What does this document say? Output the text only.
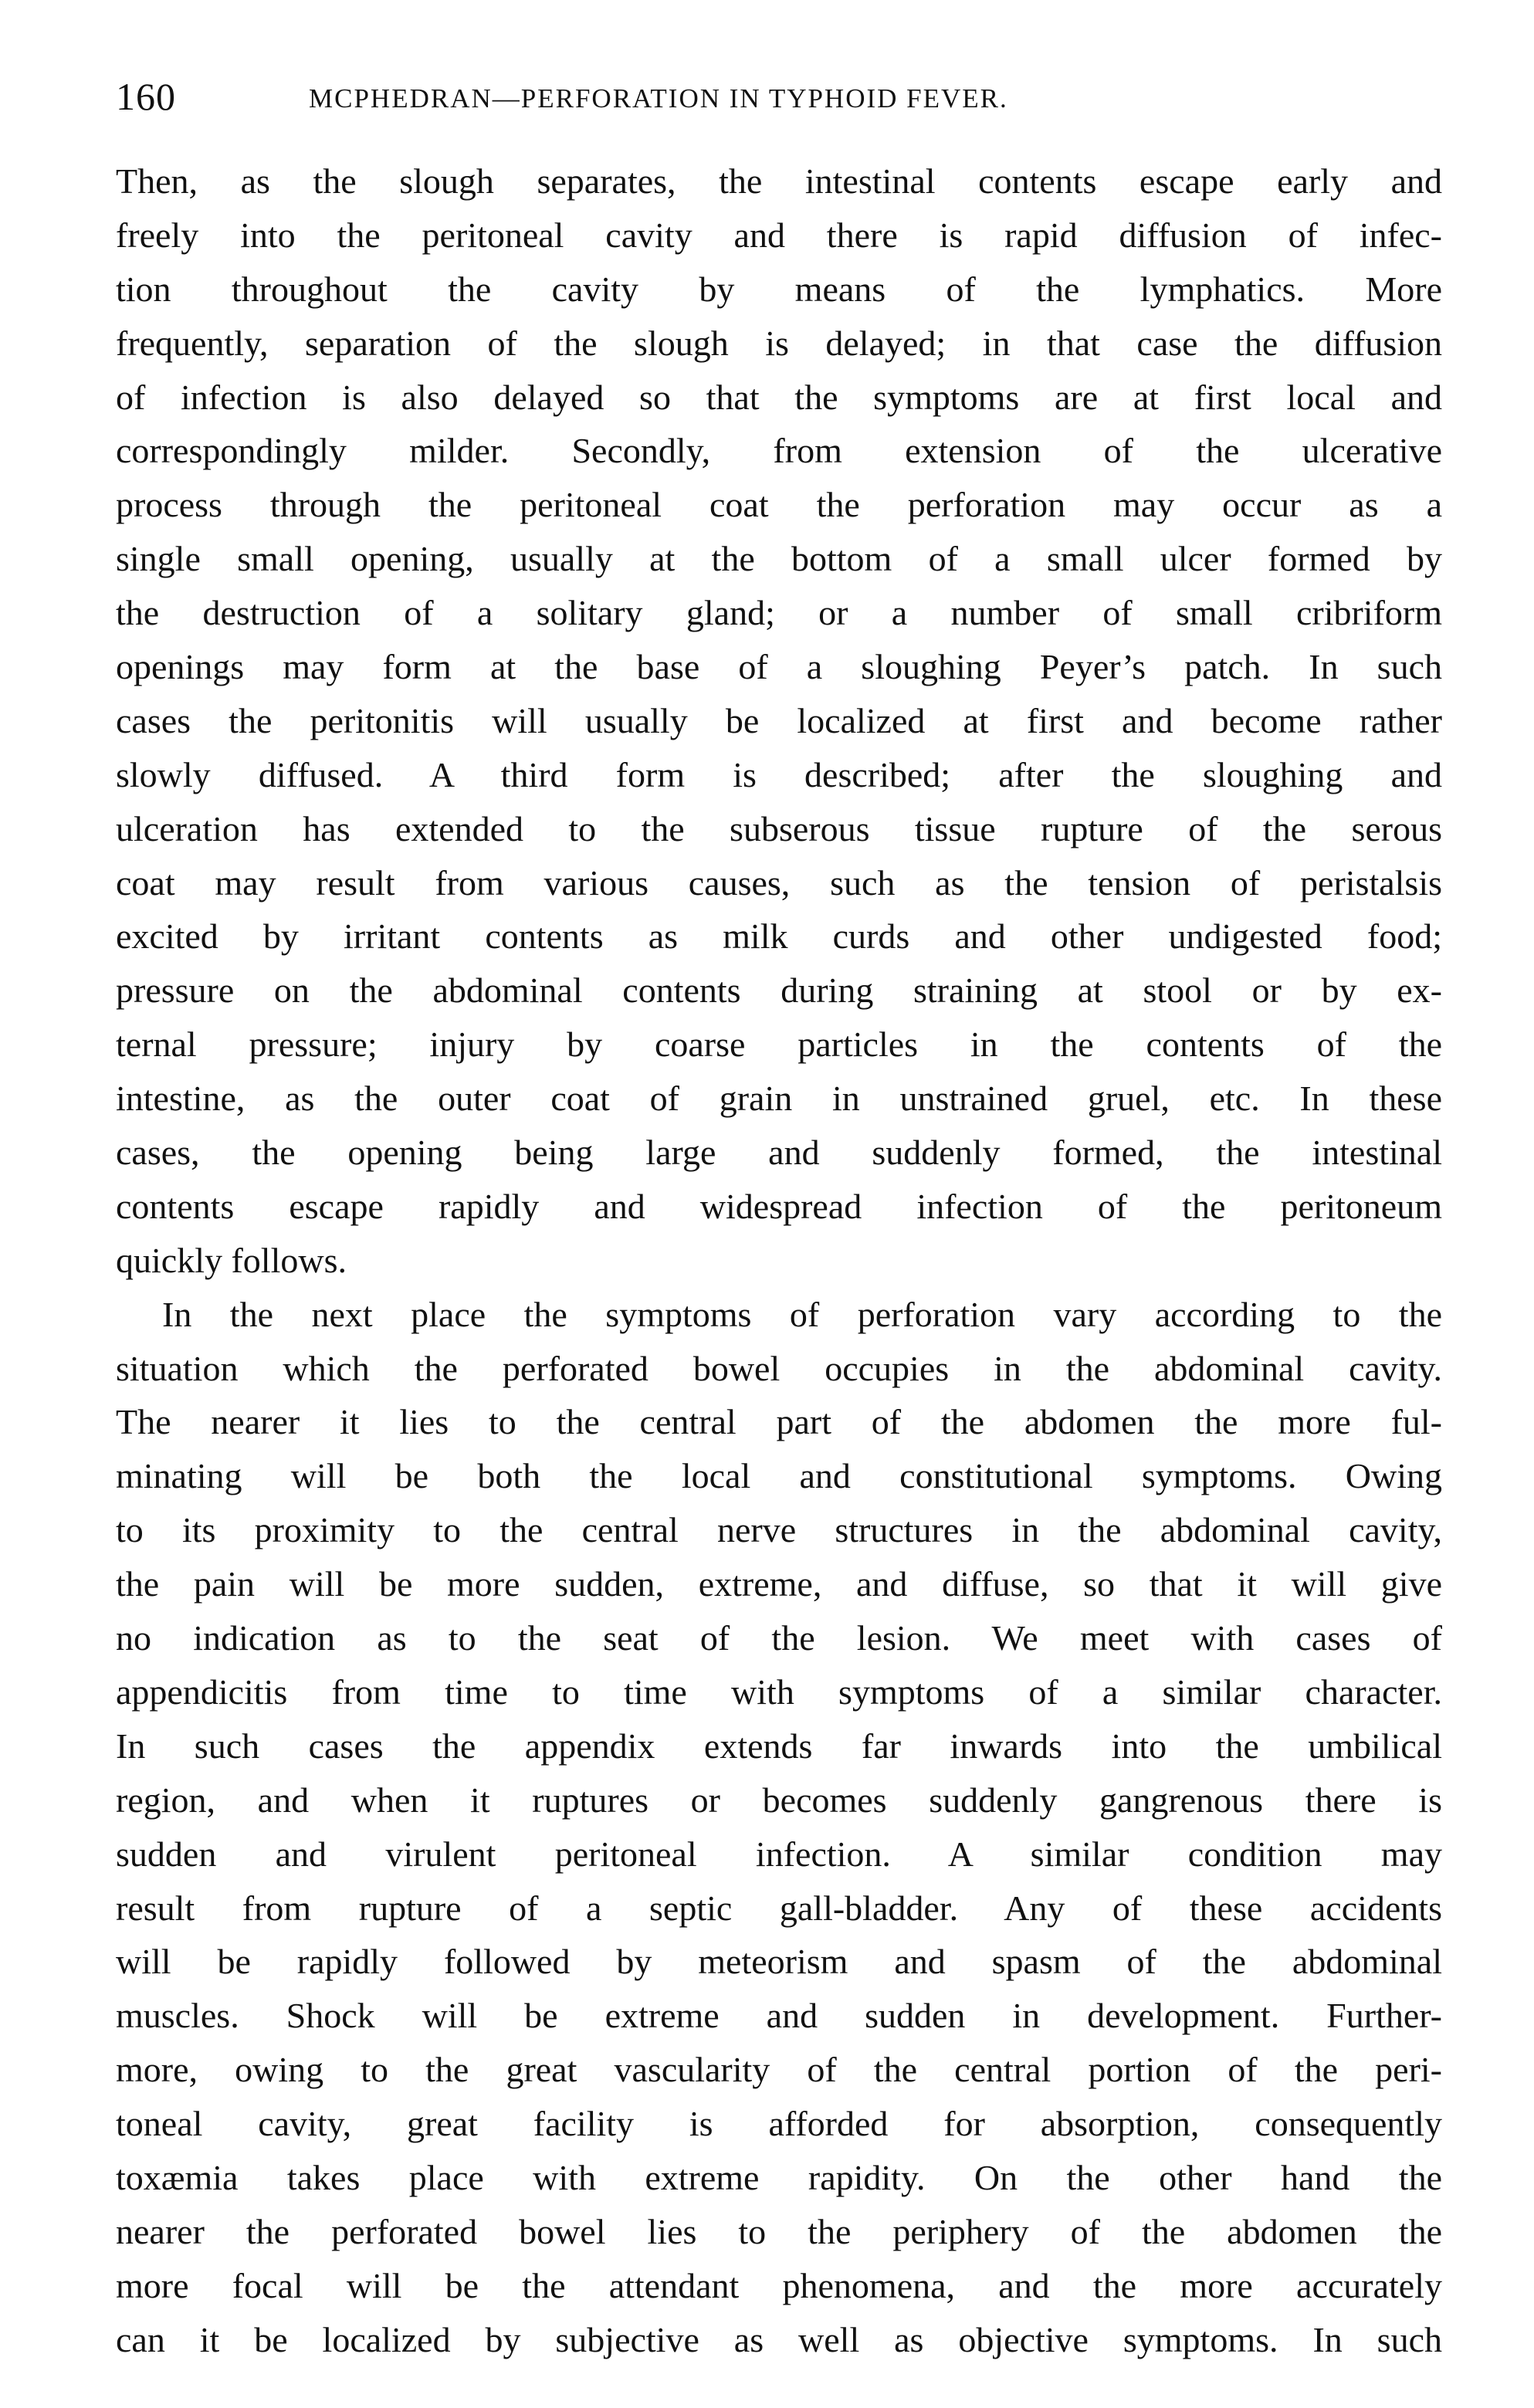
160	MCPHEDRAN—PERFORATION IN TYPHOID FEVER.
Then, as the slough separates, the intestinal contents escape early and
freely into the peritoneal cavity and there is rapid diffusion of infec-
tion throughout the cavity by means of the lymphatics. More
frequently, separation of the slough is delayed; in that case the diffusion
of infection is also delayed so that the symptoms are at first local and
correspondingly milder. Secondly, from extension of the ulcerative
process through the peritoneal coat the perforation may occur as a
single small opening, usually at the bottom of a small ulcer formed by
the destruction of a solitary gland; or a number of small cribriform
openings may form at the base of a sloughing Peyer’s patch. In such
cases the peritonitis will usually be localized at first and become rather
slowly diffused. A third form is described; after the sloughing and
ulceration has extended to the subserous tissue rupture of the serous
coat may result from various causes, such as the tension of peristalsis
excited by irritant contents as milk curds and other undigested food;
pressure on the abdominal contents during straining at stool or by ex-
ternal pressure; injury by coarse particles in the contents of the
intestine, as the outer coat of grain in unstrained gruel, etc. In these
cases, the opening being large and suddenly formed, the intestinal
contents escape rapidly and widespread infection of the peritoneum
quickly follows.
In the next place the symptoms of perforation vary according to the
situation which the perforated bowel occupies in the abdominal cavity.
The nearer it lies to the central part of the abdomen the more ful-
minating will be both the local and constitutional symptoms. Owing
to its proximity to the central nerve structures in the abdominal cavity,
the pain will be more sudden, extreme, and diffuse, so that it will give
no indication as to the seat of the lesion. We meet with cases of
appendicitis from time to time with symptoms of a similar character.
In such cases the appendix extends far inwards into the umbilical
region, and when it ruptures or becomes suddenly gangrenous there is
sudden and virulent peritoneal infection. A similar condition may
result from rupture of a septic gall-bladder. Any of these accidents
will be rapidly followed by meteorism and spasm of the abdominal
muscles. Shock will be extreme and sudden in development. Further-
more, owing to the great vascularity of the central portion of the peri-
toneal cavity, great facility is afforded for absorption, consequently
toxæmia takes place with extreme rapidity. On the other hand the
nearer the perforated bowel lies to the periphery of the abdomen the
more focal will be the attendant phenomena, and the more accurately
can it be localized by subjective as well as objective symptoms. In such
